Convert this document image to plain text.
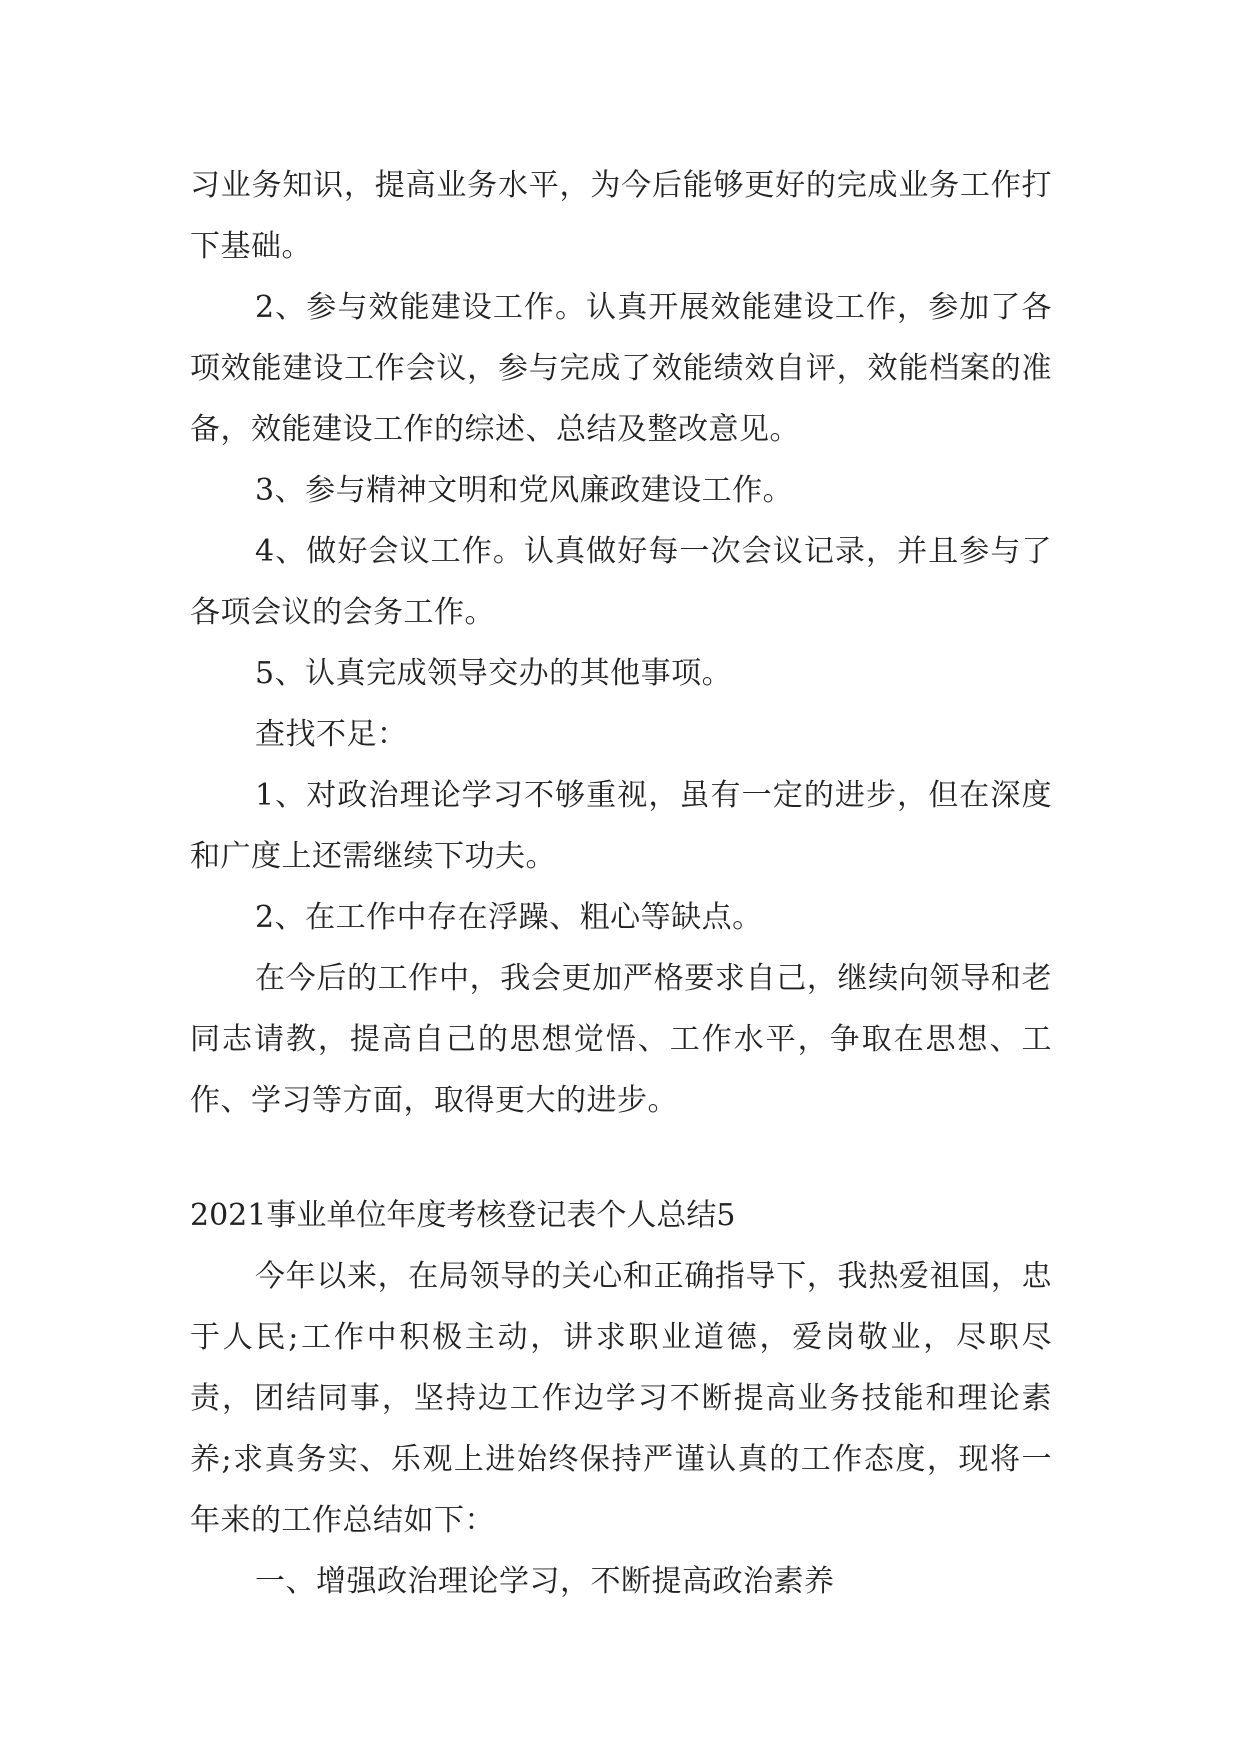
习业务知识，提高业务水平，为今后能够更好的完成业务工作打下基础。

2、参与效能建设工作。认真开展效能建设工作，参加了各项效能建设工作会议，参与完成了效能绩效自评，效能档案的准备，效能建设工作的综述、总结及整改意见。

3、参与精神文明和党风廉政建设工作。

4、做好会议工作。认真做好每一次会议记录，并且参与了各项会议的会务工作。

5、认真完成领导交办的其他事项。

查找不足：

1、对政治理论学习不够重视，虽有一定的进步，但在深度和广度上还需继续下功夫。

2、在工作中存在浮躁、粗心等缺点。

在今后的工作中，我会更加严格要求自己，继续向领导和老同志请教，提高自己的思想觉悟、工作水平，争取在思想、工作、学习等方面，取得更大的进步。

2021事业单位年度考核登记表个人总结5

今年以来，在局领导的关心和正确指导下，我热爱祖国，忠于人民;工作中积极主动，讲求职业道德，爱岗敬业，尽职尽责，团结同事，坚持边工作边学习不断提高业务技能和理论素养;求真务实、乐观上进始终保持严谨认真的工作态度，现将一年来的工作总结如下：

一、增强政治理论学习，不断提高政治素养
